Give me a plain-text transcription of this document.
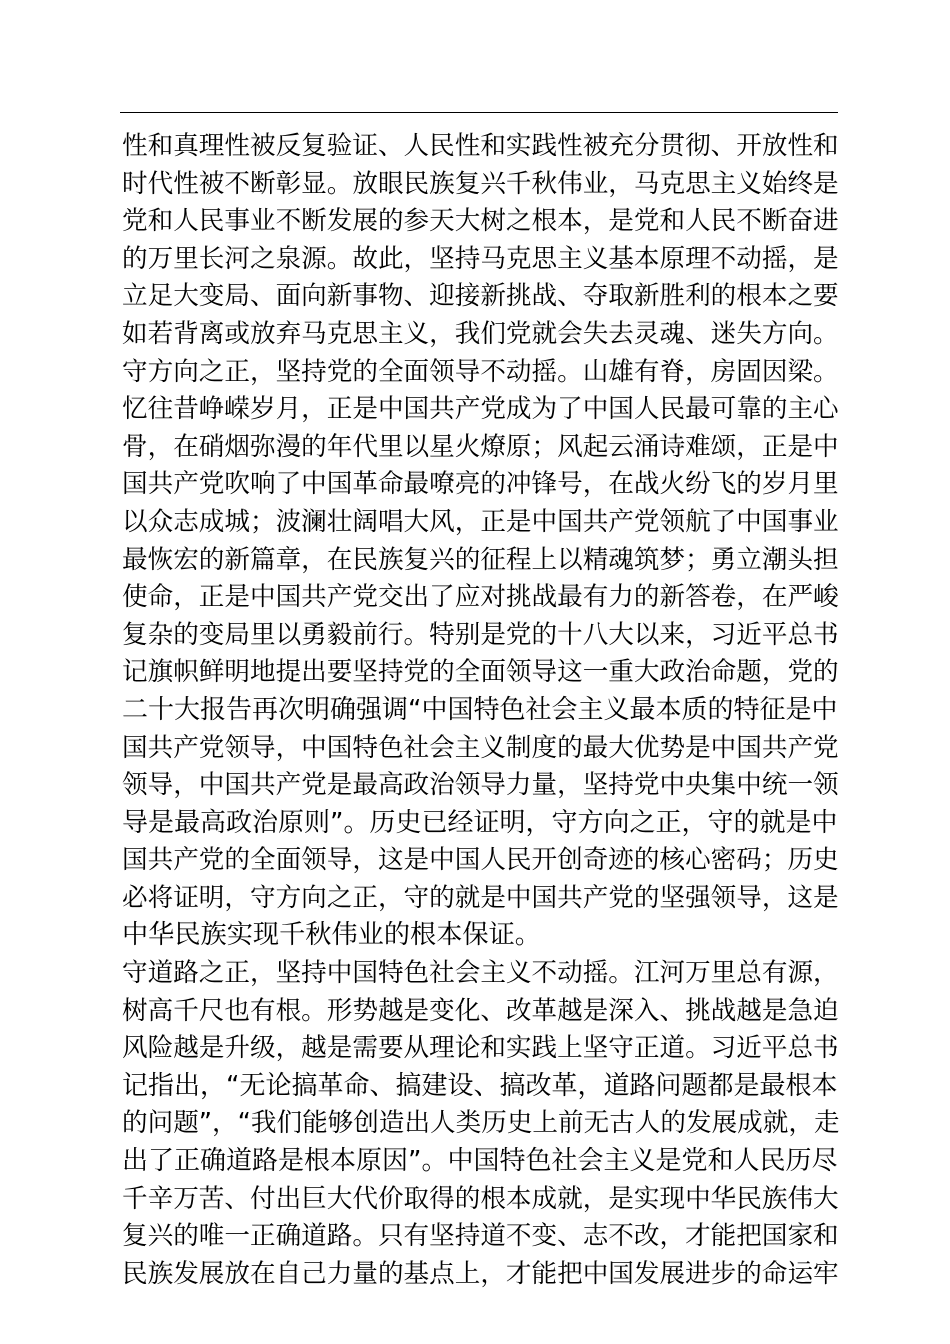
性和真理性被反复验证、人民性和实践性被充分贯彻、开放性和
时代性被不断彰显。放眼民族复兴千秋伟业，马克思主义始终是
党和人民事业不断发展的参天大树之根本，是党和人民不断奋进
的万里长河之泉源。故此，坚持马克思主义基本原理不动摇，是
立足大变局、面向新事物、迎接新挑战、夺取新胜利的根本之要
如若背离或放弃马克思主义，我们党就会失去灵魂、迷失方向。
守方向之正，坚持党的全面领导不动摇。山雄有脊，房固因梁。
忆往昔峥嵘岁月，正是中国共产党成为了中国人民最可靠的主心
骨，在硝烟弥漫的年代里以星火燎原；风起云涌诗难颂，正是中
国共产党吹响了中国革命最嘹亮的冲锋号，在战火纷飞的岁月里
以众志成城；波澜壮阔唱大风，正是中国共产党领航了中国事业
最恢宏的新篇章，在民族复兴的征程上以精魂筑梦；勇立潮头担
使命，正是中国共产党交出了应对挑战最有力的新答卷，在严峻
复杂的变局里以勇毅前行。特别是党的十八大以来，习近平总书
记旗帜鲜明地提出要坚持党的全面领导这一重大政治命题，党的
二十大报告再次明确强调“中国特色社会主义最本质的特征是中
国共产党领导，中国特色社会主义制度的最大优势是中国共产党
领导，中国共产党是最高政治领导力量，坚持党中央集中统一领
导是最高政治原则”。历史已经证明，守方向之正，守的就是中
国共产党的全面领导，这是中国人民开创奇迹的核心密码；历史
必将证明，守方向之正，守的就是中国共产党的坚强领导，这是
中华民族实现千秋伟业的根本保证。
守道路之正，坚持中国特色社会主义不动摇。江河万里总有源，
树高千尺也有根。形势越是变化、改革越是深入、挑战越是急迫
风险越是升级，越是需要从理论和实践上坚守正道。习近平总书
记指出，“无论搞革命、搞建设、搞改革，道路问题都是最根本
的问题”，“我们能够创造出人类历史上前无古人的发展成就，走
出了正确道路是根本原因”。中国特色社会主义是党和人民历尽
千辛万苦、付出巨大代价取得的根本成就，是实现中华民族伟大
复兴的唯一正确道路。只有坚持道不变、志不改，才能把国家和
民族发展放在自己力量的基点上，才能把中国发展进步的命运牢
